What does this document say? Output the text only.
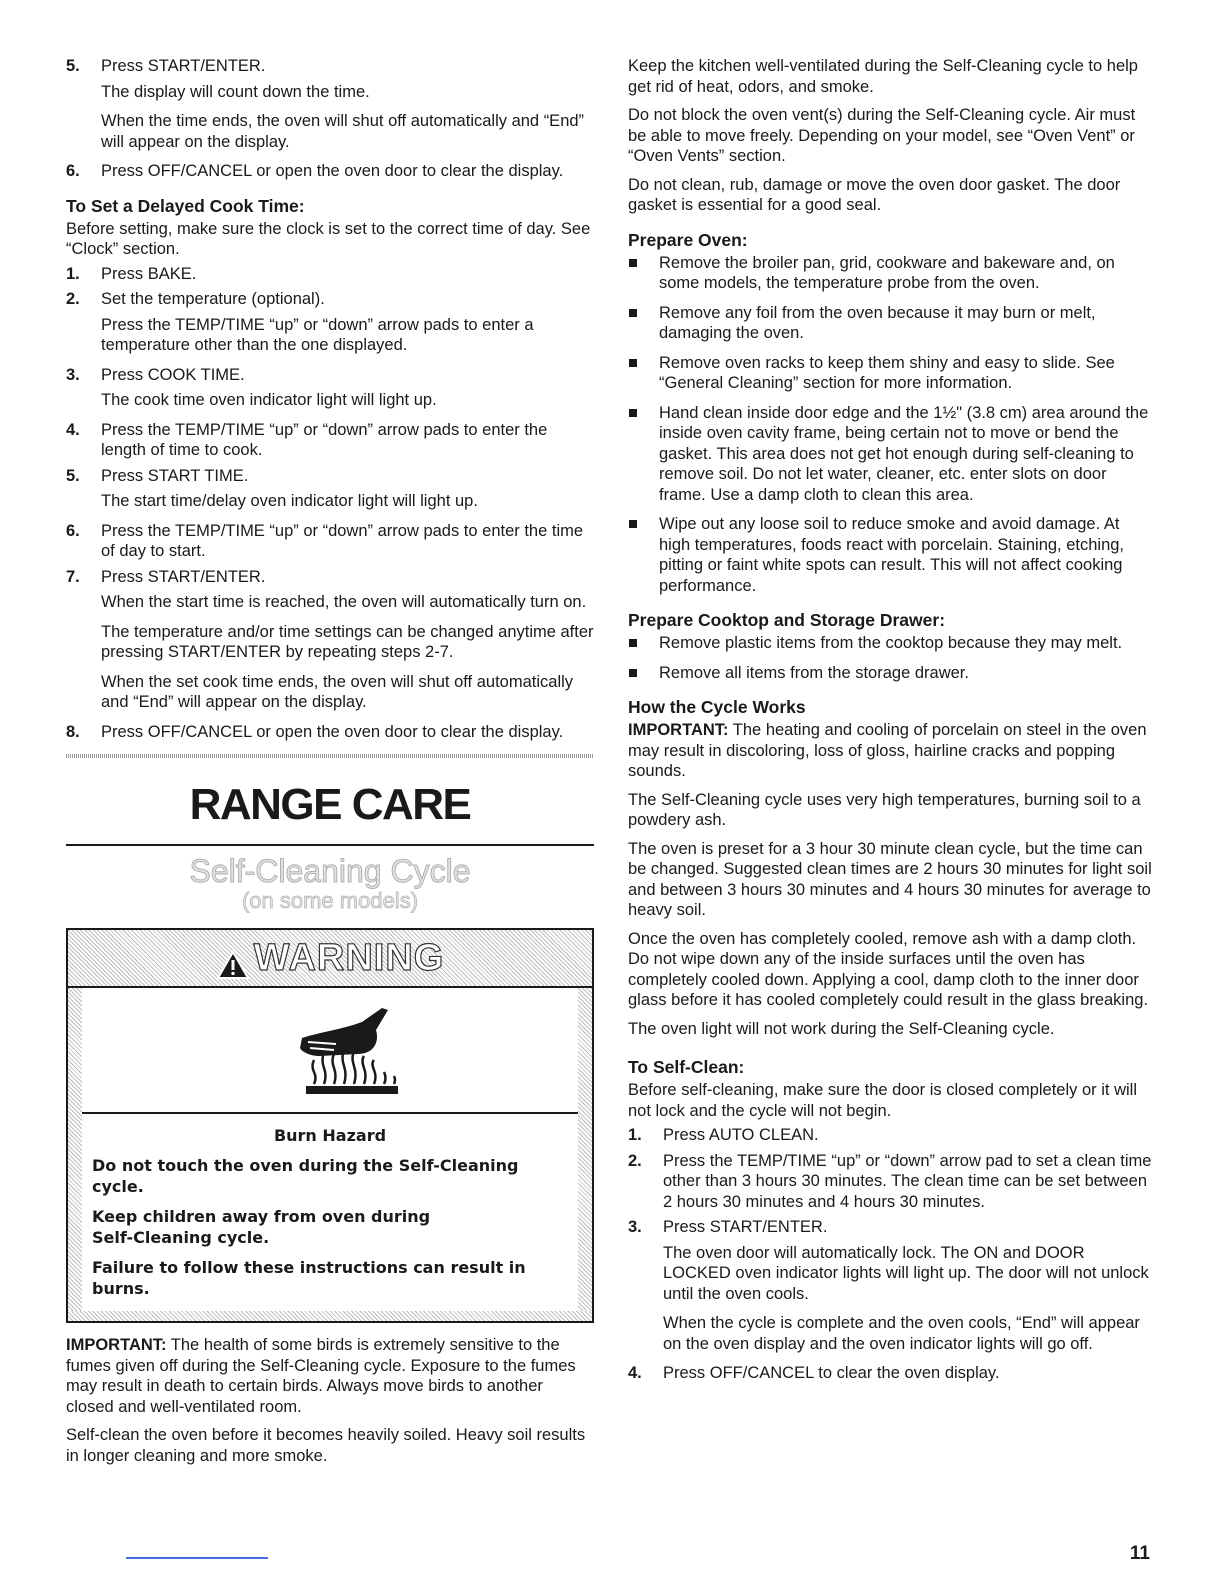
5. Press START/ENTER.

The display will count down the time.

When the time ends, the oven will shut off automatically and “End” will appear on the display.

6. Press OFF/CANCEL or open the oven door to clear the display.
To Set a Delayed Cook Time:

Before setting, make sure the clock is set to the correct time of day. See “Clock” section.

1. Press BAKE.
2. Set the temperature (optional).

Press the TEMP/TIME “up” or “down” arrow pads to enter a temperature other than the one displayed.

3. Press COOK TIME.

The cook time oven indicator light will light up.

4. Press the TEMP/TIME “up” or “down” arrow pads to enter the length of time to cook.
5. Press START TIME.

The start time/delay oven indicator light will light up.

6. Press the TEMP/TIME “up” or “down” arrow pads to enter the time of day to start.
7. Press START/ENTER.

When the start time is reached, the oven will automatically turn on.

The temperature and/or time settings can be changed anytime after pressing START/ENTER by repeating steps 2-7.

When the set cook time ends, the oven will shut off automatically and “End” will appear on the display.

8. Press OFF/CANCEL or open the oven door to clear the display.
RANGE CARE
Self-Cleaning Cycle
(on some models)
WARNING

Burn Hazard

Do not touch the oven during the Self-Cleaning cycle.

Keep children away from oven during Self-Cleaning cycle.

Failure to follow these instructions can result in burns.

IMPORTANT: The health of some birds is extremely sensitive to the fumes given off during the Self-Cleaning cycle. Exposure to the fumes may result in death to certain birds. Always move birds to another closed and well-ventilated room.

Self-clean the oven before it becomes heavily soiled. Heavy soil results in longer cleaning and more smoke.

Keep the kitchen well-ventilated during the Self-Cleaning cycle to help get rid of heat, odors, and smoke.

Do not block the oven vent(s) during the Self-Cleaning cycle. Air must be able to move freely. Depending on your model, see “Oven Vent” or “Oven Vents” section.

Do not clean, rub, damage or move the oven door gasket. The door gasket is essential for a good seal.

Prepare Oven:
Remove the broiler pan, grid, cookware and bakeware and, on some models, the temperature probe from the oven.
Remove any foil from the oven because it may burn or melt, damaging the oven.
Remove oven racks to keep them shiny and easy to slide. See “General Cleaning” section for more information.
Hand clean inside door edge and the 1½" (3.8 cm) area around the inside oven cavity frame, being certain not to move or bend the gasket. This area does not get hot enough during self-cleaning to remove soil. Do not let water, cleaner, etc. enter slots on door frame. Use a damp cloth to clean this area.
Wipe out any loose soil to reduce smoke and avoid damage. At high temperatures, foods react with porcelain. Staining, etching, pitting or faint white spots can result. This will not affect cooking performance.
Prepare Cooktop and Storage Drawer:
Remove plastic items from the cooktop because they may melt.
Remove all items from the storage drawer.
How the Cycle Works

IMPORTANT: The heating and cooling of porcelain on steel in the oven may result in discoloring, loss of gloss, hairline cracks and popping sounds.

The Self-Cleaning cycle uses very high temperatures, burning soil to a powdery ash.

The oven is preset for a 3 hour 30 minute clean cycle, but the time can be changed. Suggested clean times are 2 hours 30 minutes for light soil and between 3 hours 30 minutes and 4 hours 30 minutes for average to heavy soil.

Once the oven has completely cooled, remove ash with a damp cloth. Do not wipe down any of the inside surfaces until the oven has completely cooled down. Applying a cool, damp cloth to the inner door glass before it has cooled completely could result in the glass breaking.

The oven light will not work during the Self-Cleaning cycle.

To Self-Clean:

Before self-cleaning, make sure the door is closed completely or it will not lock and the cycle will not begin.

1. Press AUTO CLEAN.
2. Press the TEMP/TIME “up” or “down” arrow pad to set a clean time other than 3 hours 30 minutes. The clean time can be set between 2 hours 30 minutes and 4 hours 30 minutes.
3. Press START/ENTER.

The oven door will automatically lock. The ON and DOOR LOCKED oven indicator lights will light up. The door will not unlock until the oven cools.

When the cycle is complete and the oven cools, “End” will appear on the oven display and the oven indicator lights will go off.

4. Press OFF/CANCEL to clear the oven display.
11
